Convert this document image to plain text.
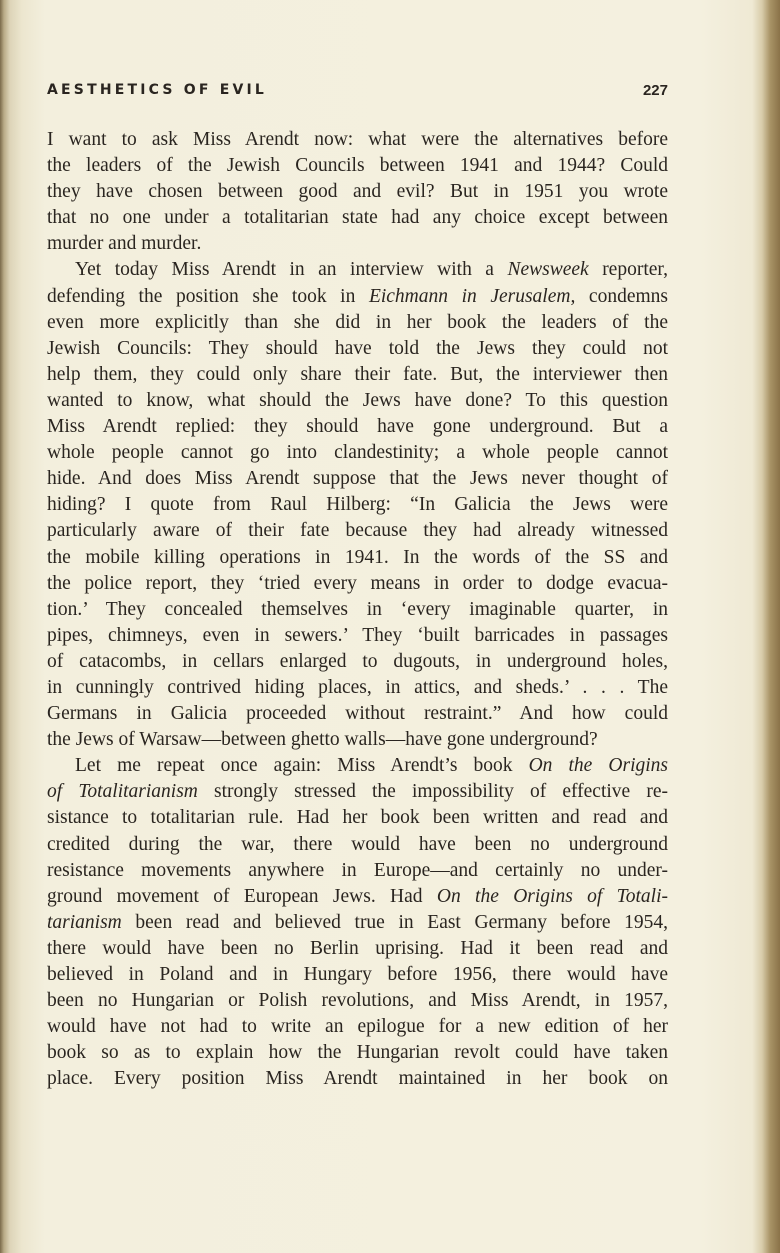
AESTHETICS OF EVIL	227
I want to ask Miss Arendt now: what were the alternatives before
the leaders of the Jewish Councils between 1941 and 1944? Could
they have chosen between good and evil? But in 1951 you wrote
that no one under a totalitarian state had any choice except between
murder and murder.
Yet today Miss Arendt in an interview with a Newsweek reporter,
defending the position she took in Eichmann in Jerusalem, condemns
even more explicitly than she did in her book the leaders of the
Jewish Councils: They should have told the Jews they could not
help them, they could only share their fate. But, the interviewer then
wanted to know, what should the Jews have done? To this question
Miss Arendt replied: they should have gone underground. But a
whole people cannot go into clandestinity; a whole people cannot
hide. And does Miss Arendt suppose that the Jews never thought of
hiding? I quote from Raul Hilberg: “In Galicia the Jews were
particularly aware of their fate because they had already witnessed
the mobile killing operations in 1941. In the words of the SS and
the police report, they ‘tried every means in order to dodge evacua-
tion.’ They concealed themselves in ‘every imaginable quarter, in
pipes, chimneys, even in sewers.’ They ‘built barricades in passages
of catacombs, in cellars enlarged to dugouts, in underground holes,
in cunningly contrived hiding places, in attics, and sheds.’ . . . The
Germans in Galicia proceeded without restraint.” And how could
the Jews of Warsaw—between ghetto walls—have gone underground?
Let me repeat once again: Miss Arendt’s book On the Origins
of Totalitarianism strongly stressed the impossibility of effective re-
sistance to totalitarian rule. Had her book been written and read and
credited during the war, there would have been no underground
resistance movements anywhere in Europe—and certainly no under-
ground movement of European Jews. Had On the Origins of Totali-
tarianism been read and believed true in East Germany before 1954,
there would have been no Berlin uprising. Had it been read and
believed in Poland and in Hungary before 1956, there would have
been no Hungarian or Polish revolutions, and Miss Arendt, in 1957,
would have not had to write an epilogue for a new edition of her
book so as to explain how the Hungarian revolt could have taken
place. Every position Miss Arendt maintained in her book on
